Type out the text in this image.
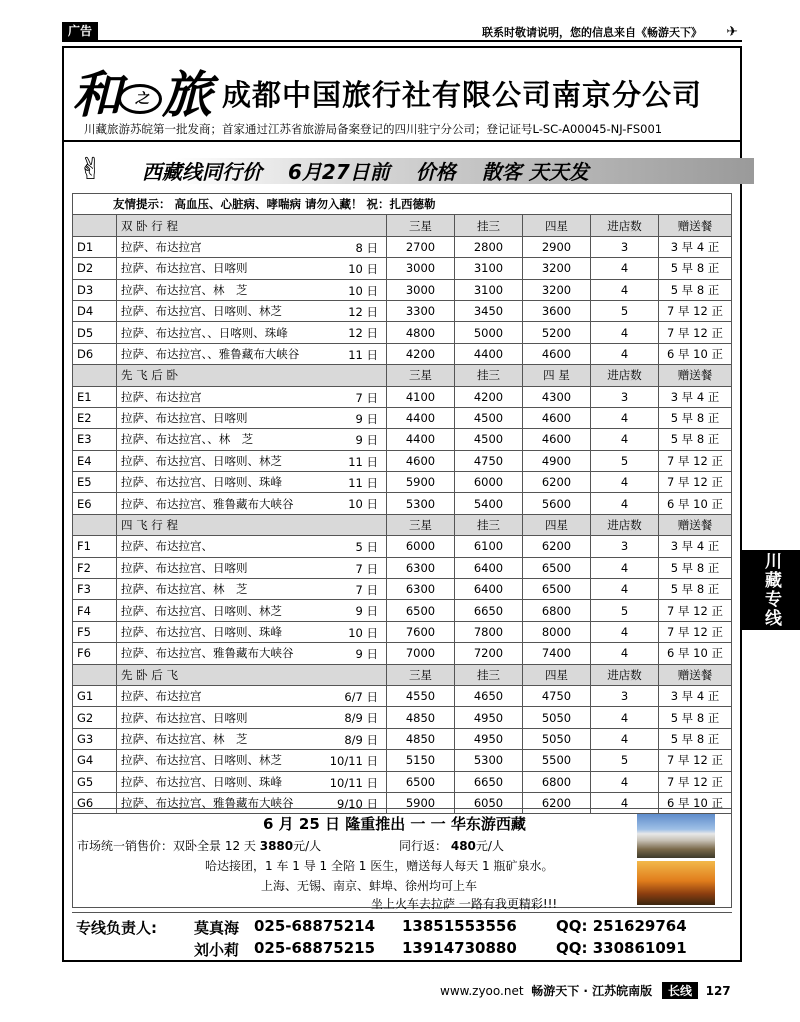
广告	联系时敬请说明，您的信息来自《畅游天下》 ✈
和 之 旅 成都中国旅行社有限公司南京分公司
川藏旅游苏皖第一批发商；首家通过江苏省旅游局备案登记的四川驻宁分公司；登记证号L-SC-A00045-NJ-FS001
✌ 西藏线同行价 6月27日前 价格 散客 天天发
友情提示： 高血压、心脏病、哮喘病 请勿入藏！ 祝：扎西德勒						
	双 卧 行 程	三星	挂三	四星	进店数	赠送餐
D1	拉萨、布达拉宫 8 日	2700	2800	2900	3	3 早 4 正
D2	拉萨、布达拉宫、日喀则 10 日	3000	3100	3200	4	5 早 8 正
D3	拉萨、布达拉宫、林　芝 10 日	3000	3100	3200	4	5 早 8 正
D4	拉萨、布达拉宫、日喀则、林芝 12 日	3300	3450	3600	5	7 早 12 正
D5	拉萨、布达拉宫、、日喀则、珠峰 12 日	4800	5000	5200	4	7 早 12 正
D6	拉萨、布达拉宫、、雅鲁藏布大峡谷 11 日	4200	4400	4600	4	6 早 10 正
	先 飞 后 卧	三星	挂三	四 星	进店数	赠送餐
E1	拉萨、布达拉宫 7 日	4100	4200	4300	3	3 早 4 正
E2	拉萨、布达拉宫、日喀则 9 日	4400	4500	4600	4	5 早 8 正
E3	拉萨、布达拉宫、、林　芝 9 日	4400	4500	4600	4	5 早 8 正
E4	拉萨、布达拉宫、日喀则、林芝 11 日	4600	4750	4900	5	7 早 12 正
E5	拉萨、布达拉宫、日喀则、珠峰 11 日	5900	6000	6200	4	7 早 12 正
E6	拉萨、布达拉宫、雅鲁藏布大峡谷 10 日	5300	5400	5600	4	6 早 10 正
	四 飞 行 程	三星	挂三	四星	进店数	赠送餐
F1	拉萨、布达拉宫、 5 日	6000	6100	6200	3	3 早 4 正
F2	拉萨、布达拉宫、日喀则 7 日	6300	6400	6500	4	5 早 8 正
F3	拉萨、布达拉宫、林　芝 7 日	6300	6400	6500	4	5 早 8 正
F4	拉萨、布达拉宫、日喀则、林芝 9 日	6500	6650	6800	5	7 早 12 正
F5	拉萨、布达拉宫、日喀则、珠峰 10 日	7600	7800	8000	4	7 早 12 正
F6	拉萨、布达拉宫、雅鲁藏布大峡谷 9 日	7000	7200	7400	4	6 早 10 正
	先 卧 后 飞	三星	挂三	四星	进店数	赠送餐
G1	拉萨、布达拉宫 6/7 日	4550	4650	4750	3	3 早 4 正
G2	拉萨、布达拉宫、日喀则 8/9 日	4850	4950	5050	4	5 早 8 正
G3	拉萨、布达拉宫、林　芝 8/9 日	4850	4950	5050	4	5 早 8 正
G4	拉萨、布达拉宫、日喀则、林芝 10/11 日	5150	5300	5500	5	7 早 12 正
G5	拉萨、布达拉宫、日喀则、珠峰 10/11 日	6500	6650	6800	4	7 早 12 正
G6	拉萨、布达拉宫、雅鲁藏布大峡谷 9/10 日	5900	6050	6200	4	6 早 10 正
6 月 25 日 隆重推出 一 一 华东游西藏
市场统一销售价：双卧全景 12 天 3880元/人	同行返： 480元/人
哈达接团，1 车 1 导 1 全陪 1 医生，赠送每人每天 1 瓶矿泉水。
上海、无锡、南京、蚌埠、徐州均可上车
坐上火车去拉萨 一路有我更精彩!!!
专线负责人: 莫真海 025-68875214 13851553556	QQ: 251629764
刘小莉 025-68875215 13914730880	QQ: 330861091
www.zyoo.net 畅游天下 · 江苏皖南版 长线 127
川藏专线
